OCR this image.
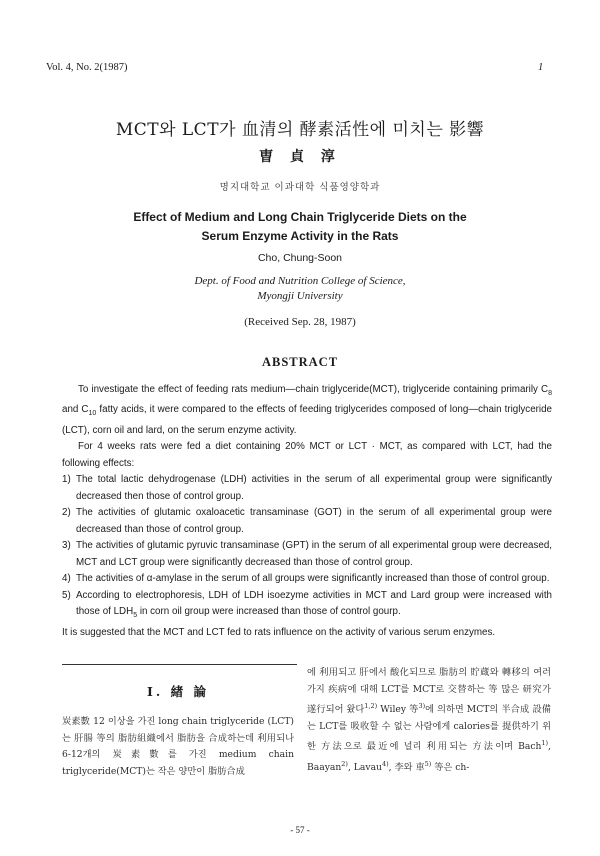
Vol. 4, No. 2(1987)	1
MCT와 LCT가 血清의 酵素活性에 미치는 影響
曺 貞 淳
명지대학교 이과대학 식품영양학과
Effect of Medium and Long Chain Triglyceride Diets on the
Serum Enzyme Activity in the Rats
Cho, Chung-Soon
Dept. of Food and Nutrition College of Science,
Myongji University
(Received Sep. 28, 1987)
ABSTRACT

To investigate the effect of feeding rats medium—chain triglyceride(MCT), triglyceride containing primarily $C_8$ and $C_{10}$ fatty acids, it were compared to the effects of feeding triglycerides composed of long—chain triglyceride (LCT), corn oil and lard, on the serum enzyme activity.

For 4 weeks rats were fed a diet containing 20% MCT or LCT · MCT, as compared with LCT, had the following effects:

1) The total lactic dehydrogenase (LDH) activities in the serum of all experimental group were significantly decreased then those of control group.
2) The activities of glutamic oxaloacetic transaminase (GOT) in the serum of all experimental group were decreased than those of control group.
3) The activities of glutamic pyruvic transaminase (GPT) in the serum of all experimental group were decreased, MCT and LCT group were significantly decreased than those of control group.
4) The activities of α-amylase in the serum of all groups were significantly increased than those of control group.
5) According to electrophoresis, LDH of LDH isoezyme activities in MCT and Lard group were increased with those of $LDH_5$ in corn oil group were increased than those of control gourp.

It is suggested that the MCT and LCT fed to rats influence on the activity of various serum enzymes.

Ⅰ. 緖 論
炭素數 12 이상을 가진 long chain triglyceride (LCT)는 肝腸 等의 脂肪組織에서 脂肪을 合成하는데 利用되나 6-12개의 炭素數를 가진 medium chain triglyceride(MCT)는 작은 양만이 脂肪合成
에 利用되고 肝에서 酸化되므로 脂肪의 貯蔵와 轉移의 여러가지 疾病에 대해 LCT를 MCT로 交替하는 等 많은 研究가 遂行되어 왔다$^{1,2)}$ Wiley 等$^{3)}$에 의하면 MCT의 半合成 設備는 LCT를 吸收할 수 없는 사람에게 calories를 提供하기 위한 方法으로 最近에 널리 利用되는 方法이며 Bach$^{1)}$, Baayan$^{2)}$, Lavau$^{4)}$, 李와 車$^{5)}$ 等은 ch-
- 57 -
